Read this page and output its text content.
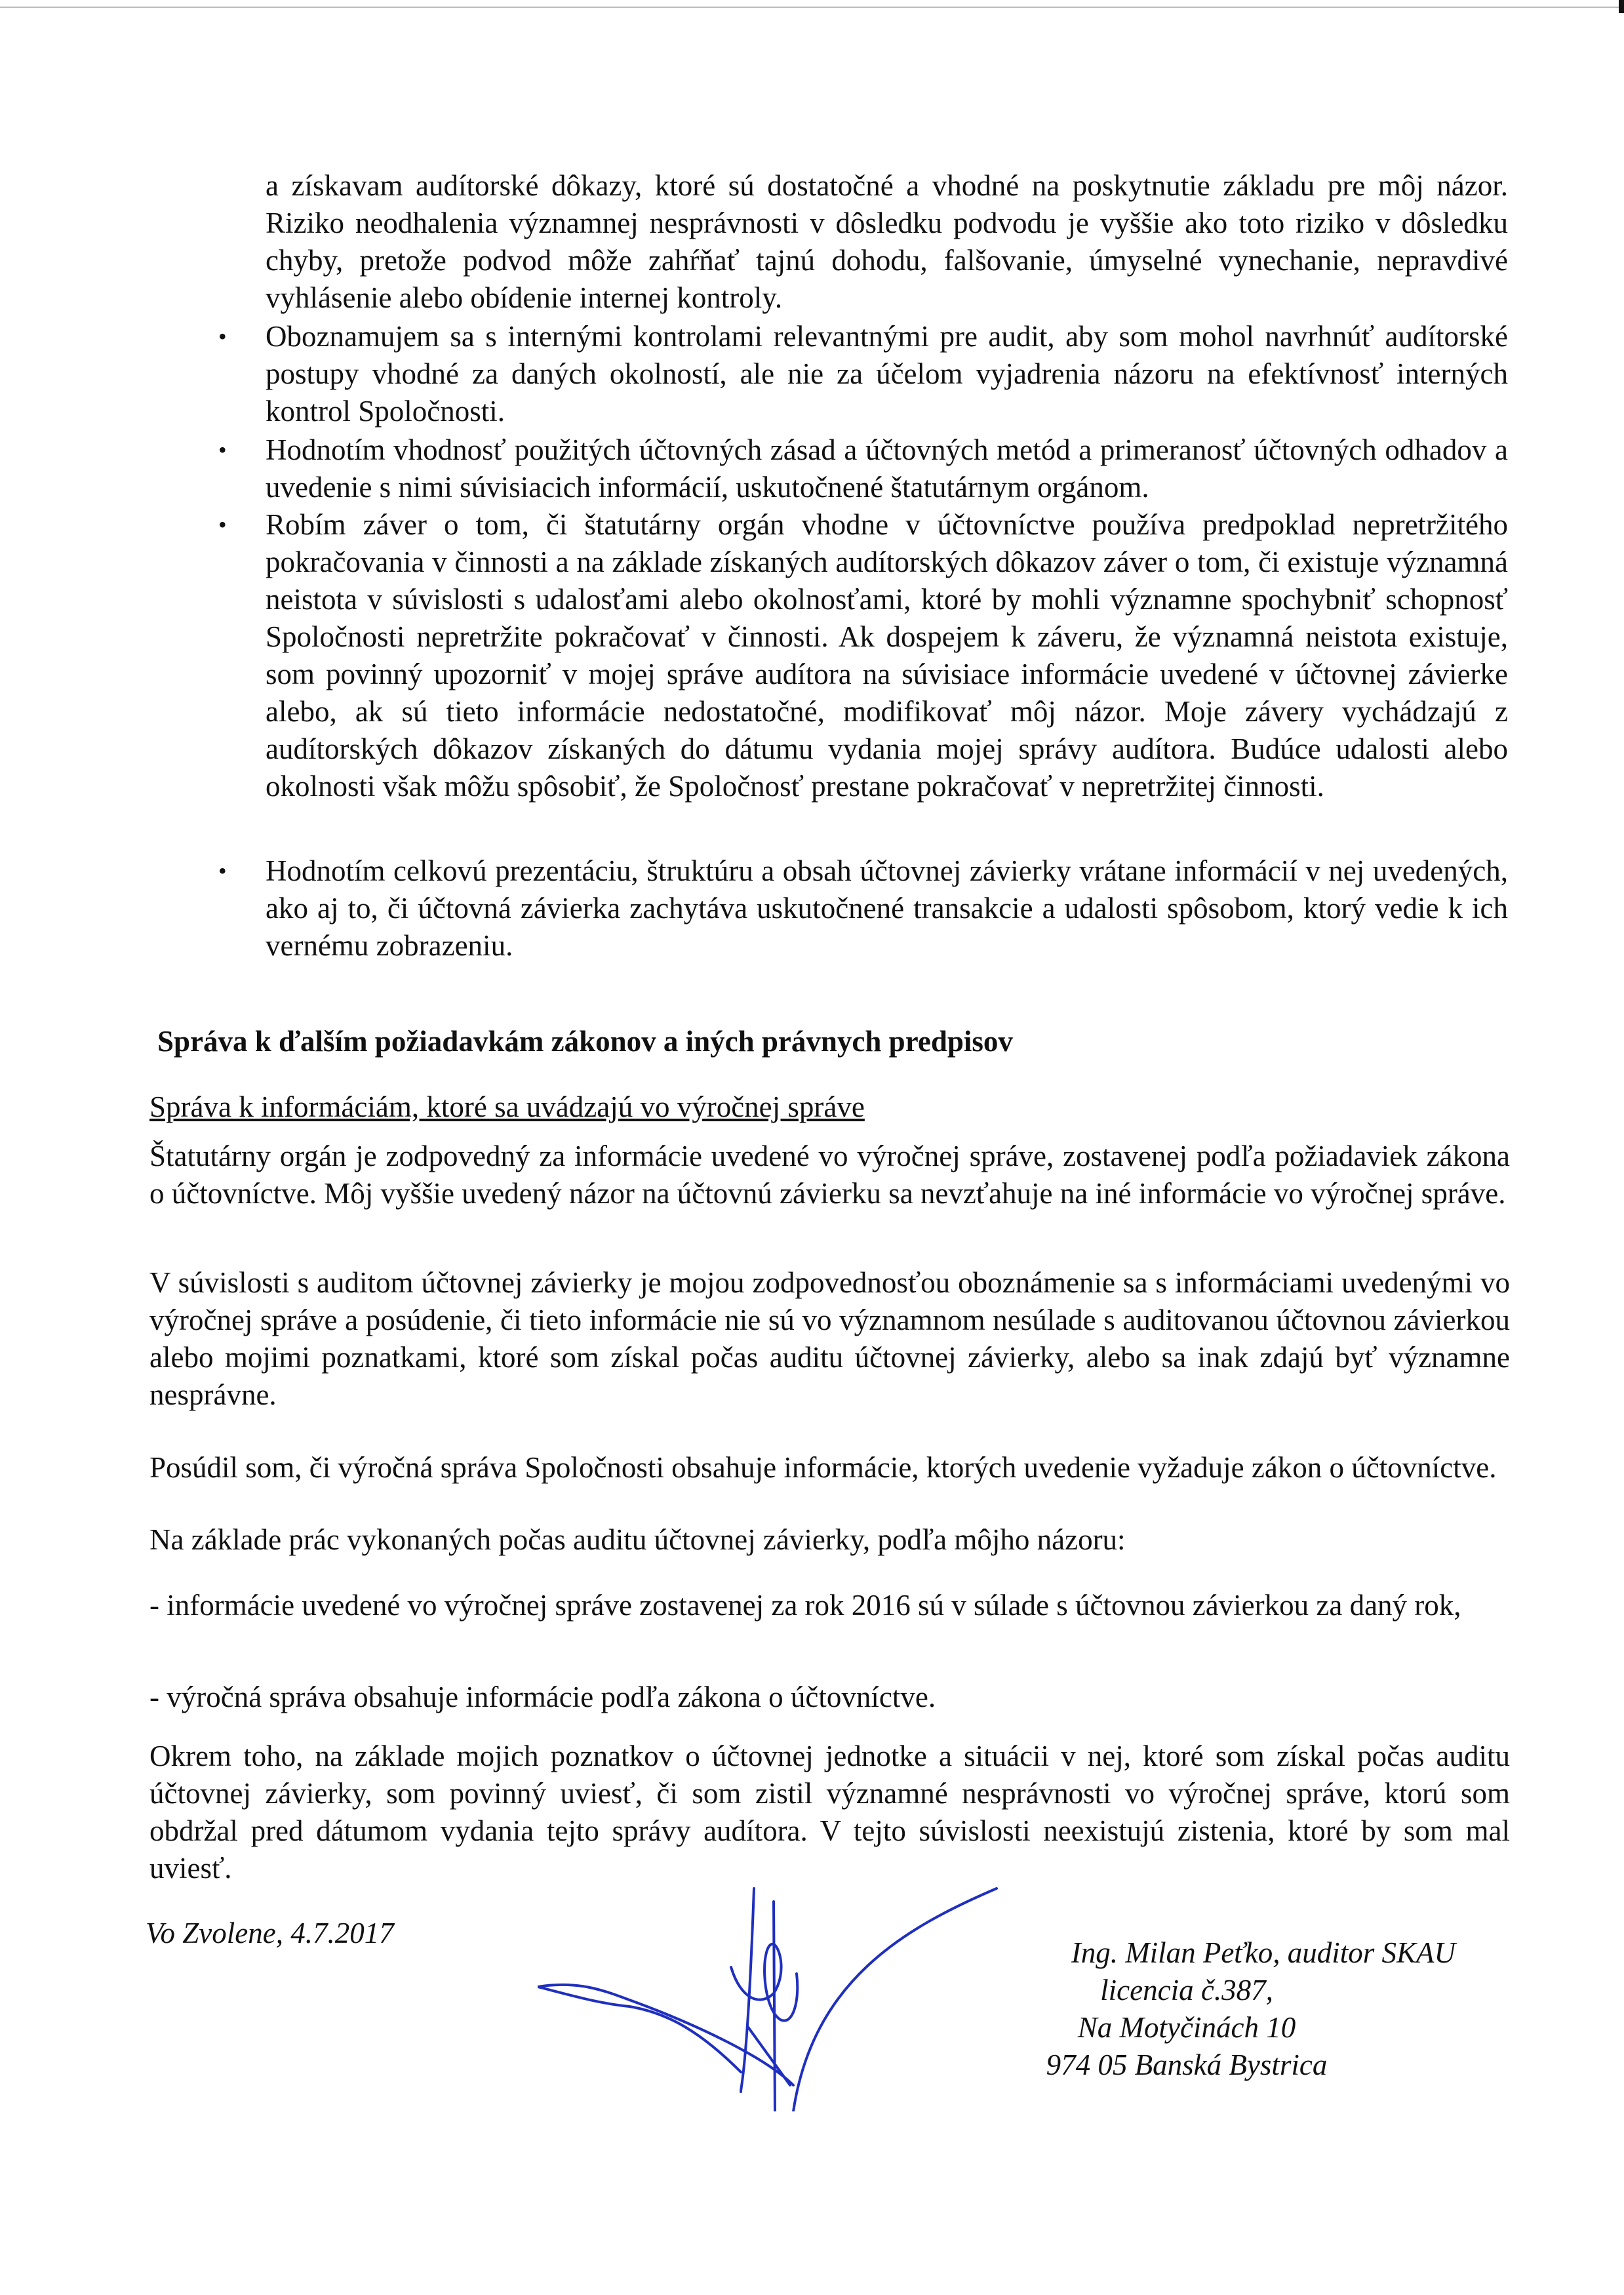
a získavam audítorské dôkazy, ktoré sú dostatočné a vhodné na poskytnutie základu pre môj názor. Riziko neodhalenia významnej nesprávnosti v dôsledku podvodu je vyššie ako toto riziko v dôsledku chyby, pretože podvod môže zahŕňať tajnú dohodu, falšovanie, úmyselné vynechanie, nepravdivé vyhlásenie alebo obídenie internej kontroly.
• Oboznamujem sa s internými kontrolami relevantnými pre audit, aby som mohol navrhnúť audítorské postupy vhodné za daných okolností, ale nie za účelom vyjadrenia názoru na efektívnosť interných kontrol Spoločnosti.
• Hodnotím vhodnosť použitých účtovných zásad a účtovných metód a primeranosť účtovných odhadov a uvedenie s nimi súvisiacich informácií, uskutočnené štatutárnym orgánom.
• Robím záver o tom, či štatutárny orgán vhodne v účtovníctve používa predpoklad nepretržitého pokračovania v činnosti a na základe získaných audítorských dôkazov záver o tom, či existuje významná neistota v súvislosti s udalosťami alebo okolnosťami, ktoré by mohli významne spochybniť schopnosť Spoločnosti nepretržite pokračovať v činnosti. Ak dospejem k záveru, že významná neistota existuje, som povinný upozorniť v mojej správe audítora na súvisiace informácie uvedené v účtovnej závierke alebo, ak sú tieto informácie nedostatočné, modifikovať môj názor. Moje závery vychádzajú z audítorských dôkazov získaných do dátumu vydania mojej správy audítora. Budúce udalosti alebo okolnosti však môžu spôsobiť, že Spoločnosť prestane pokračovať v nepretržitej činnosti.
• Hodnotím celkovú prezentáciu, štruktúru a obsah účtovnej závierky vrátane informácií v nej uvedených, ako aj to, či účtovná závierka zachytáva uskutočnené transakcie a udalosti spôsobom, ktorý vedie k ich vernému zobrazeniu.
Správa k ďalším požiadavkám zákonov a iných právnych predpisov
Správa k informáciám, ktoré sa uvádzajú vo výročnej správe
Štatutárny orgán je zodpovedný za informácie uvedené vo výročnej správe, zostavenej podľa požiadaviek zákona o účtovníctve. Môj vyššie uvedený názor na účtovnú závierku sa nevzťahuje na iné informácie vo výročnej správe.
V súvislosti s auditom účtovnej závierky je mojou zodpovednosťou oboznámenie sa s informáciami uvedenými vo výročnej správe a posúdenie, či tieto informácie nie sú vo významnom nesúlade s auditovanou účtovnou závierkou alebo mojimi poznatkami, ktoré som získal počas auditu účtovnej závierky, alebo sa inak zdajú byť významne nesprávne.
Posúdil som, či výročná správa Spoločnosti obsahuje informácie, ktorých uvedenie vyžaduje zákon o účtovníctve.
Na základe prác vykonaných počas auditu účtovnej závierky, podľa môjho názoru:
- informácie uvedené vo výročnej správe zostavenej za rok 2016 sú v súlade s účtovnou závierkou za daný rok,
- výročná správa obsahuje informácie podľa zákona o účtovníctve.
Okrem toho, na základe mojich poznatkov o účtovnej jednotke a situácii v nej, ktoré som získal počas auditu účtovnej závierky, som povinný uviesť, či som zistil významné nesprávnosti vo výročnej správe, ktorú som obdržal pred dátumom vydania tejto správy audítora. V tejto súvislosti neexistujú zistenia, ktoré by som mal uviesť.
Vo Zvolene, 4.7.2017
Ing. Milan Peťko, auditor SKAU
licencia č.387,
Na Motyčinách 10
974 05 Banská Bystrica
